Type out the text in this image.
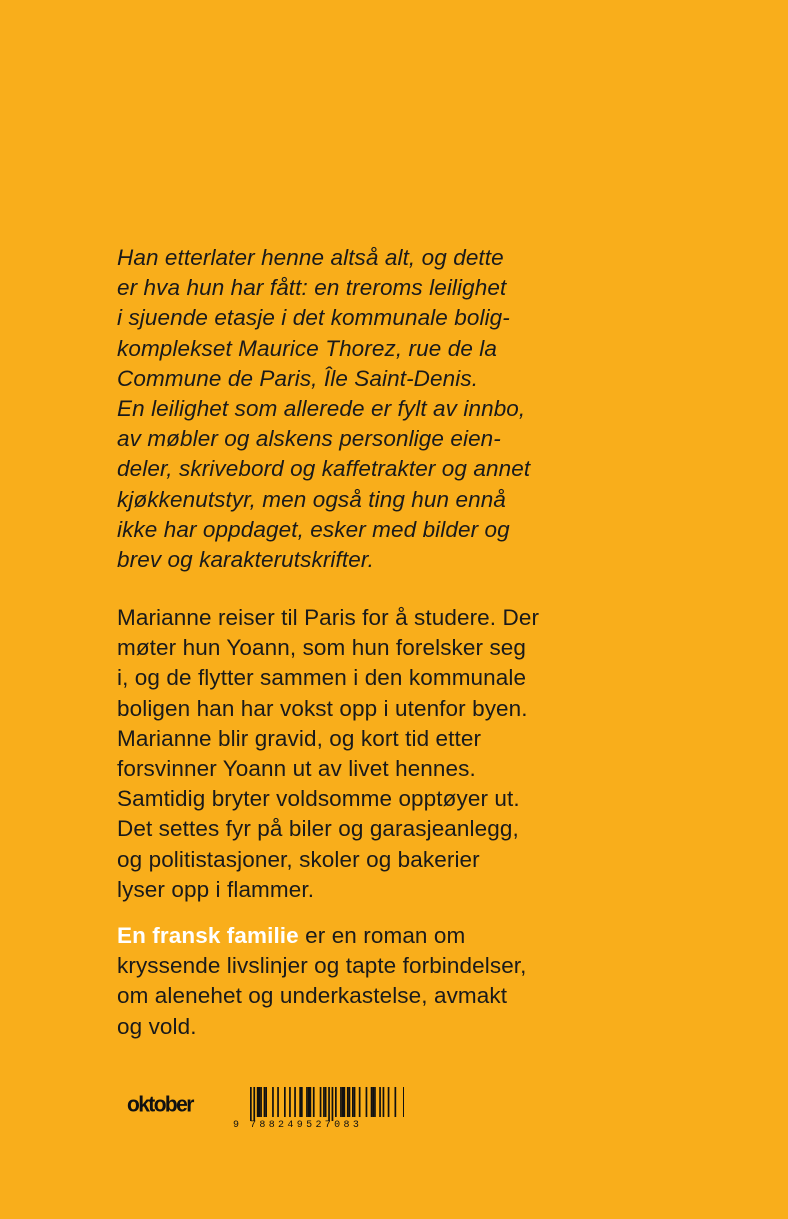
Han etterlater henne altså alt, og dette
er hva hun har fått: en treroms leilighet
i sjuende etasje i det kommunale bolig-
komplekset Maurice Thorez, rue de la
Commune de Paris, Île Saint-Denis.
En leilighet som allerede er fylt av innbo,
av møbler og alskens personlige eien-
deler, skrivebord og kaffetrakter og annet
kjøkkenutstyr, men også ting hun ennå
ikke har oppdaget, esker med bilder og
brev og karakterutskrifter.
Marianne reiser til Paris for å studere. Der
møter hun Yoann, som hun forelsker seg
i, og de flytter sammen i den kommunale
boligen han har vokst opp i utenfor byen.
Marianne blir gravid, og kort tid etter
forsvinner Yoann ut av livet hennes.
Samtidig bryter voldsomme opptøyer ut.
Det settes fyr på biler og garasjeanlegg,
og politistasjoner, skoler og bakerier
lyser opp i flammer.
En fransk familie er en roman om
kryssende livslinjer og tapte forbindelser,
om alenehet og underkastelse, avmakt
og vold.
oktober
9 788249527083
